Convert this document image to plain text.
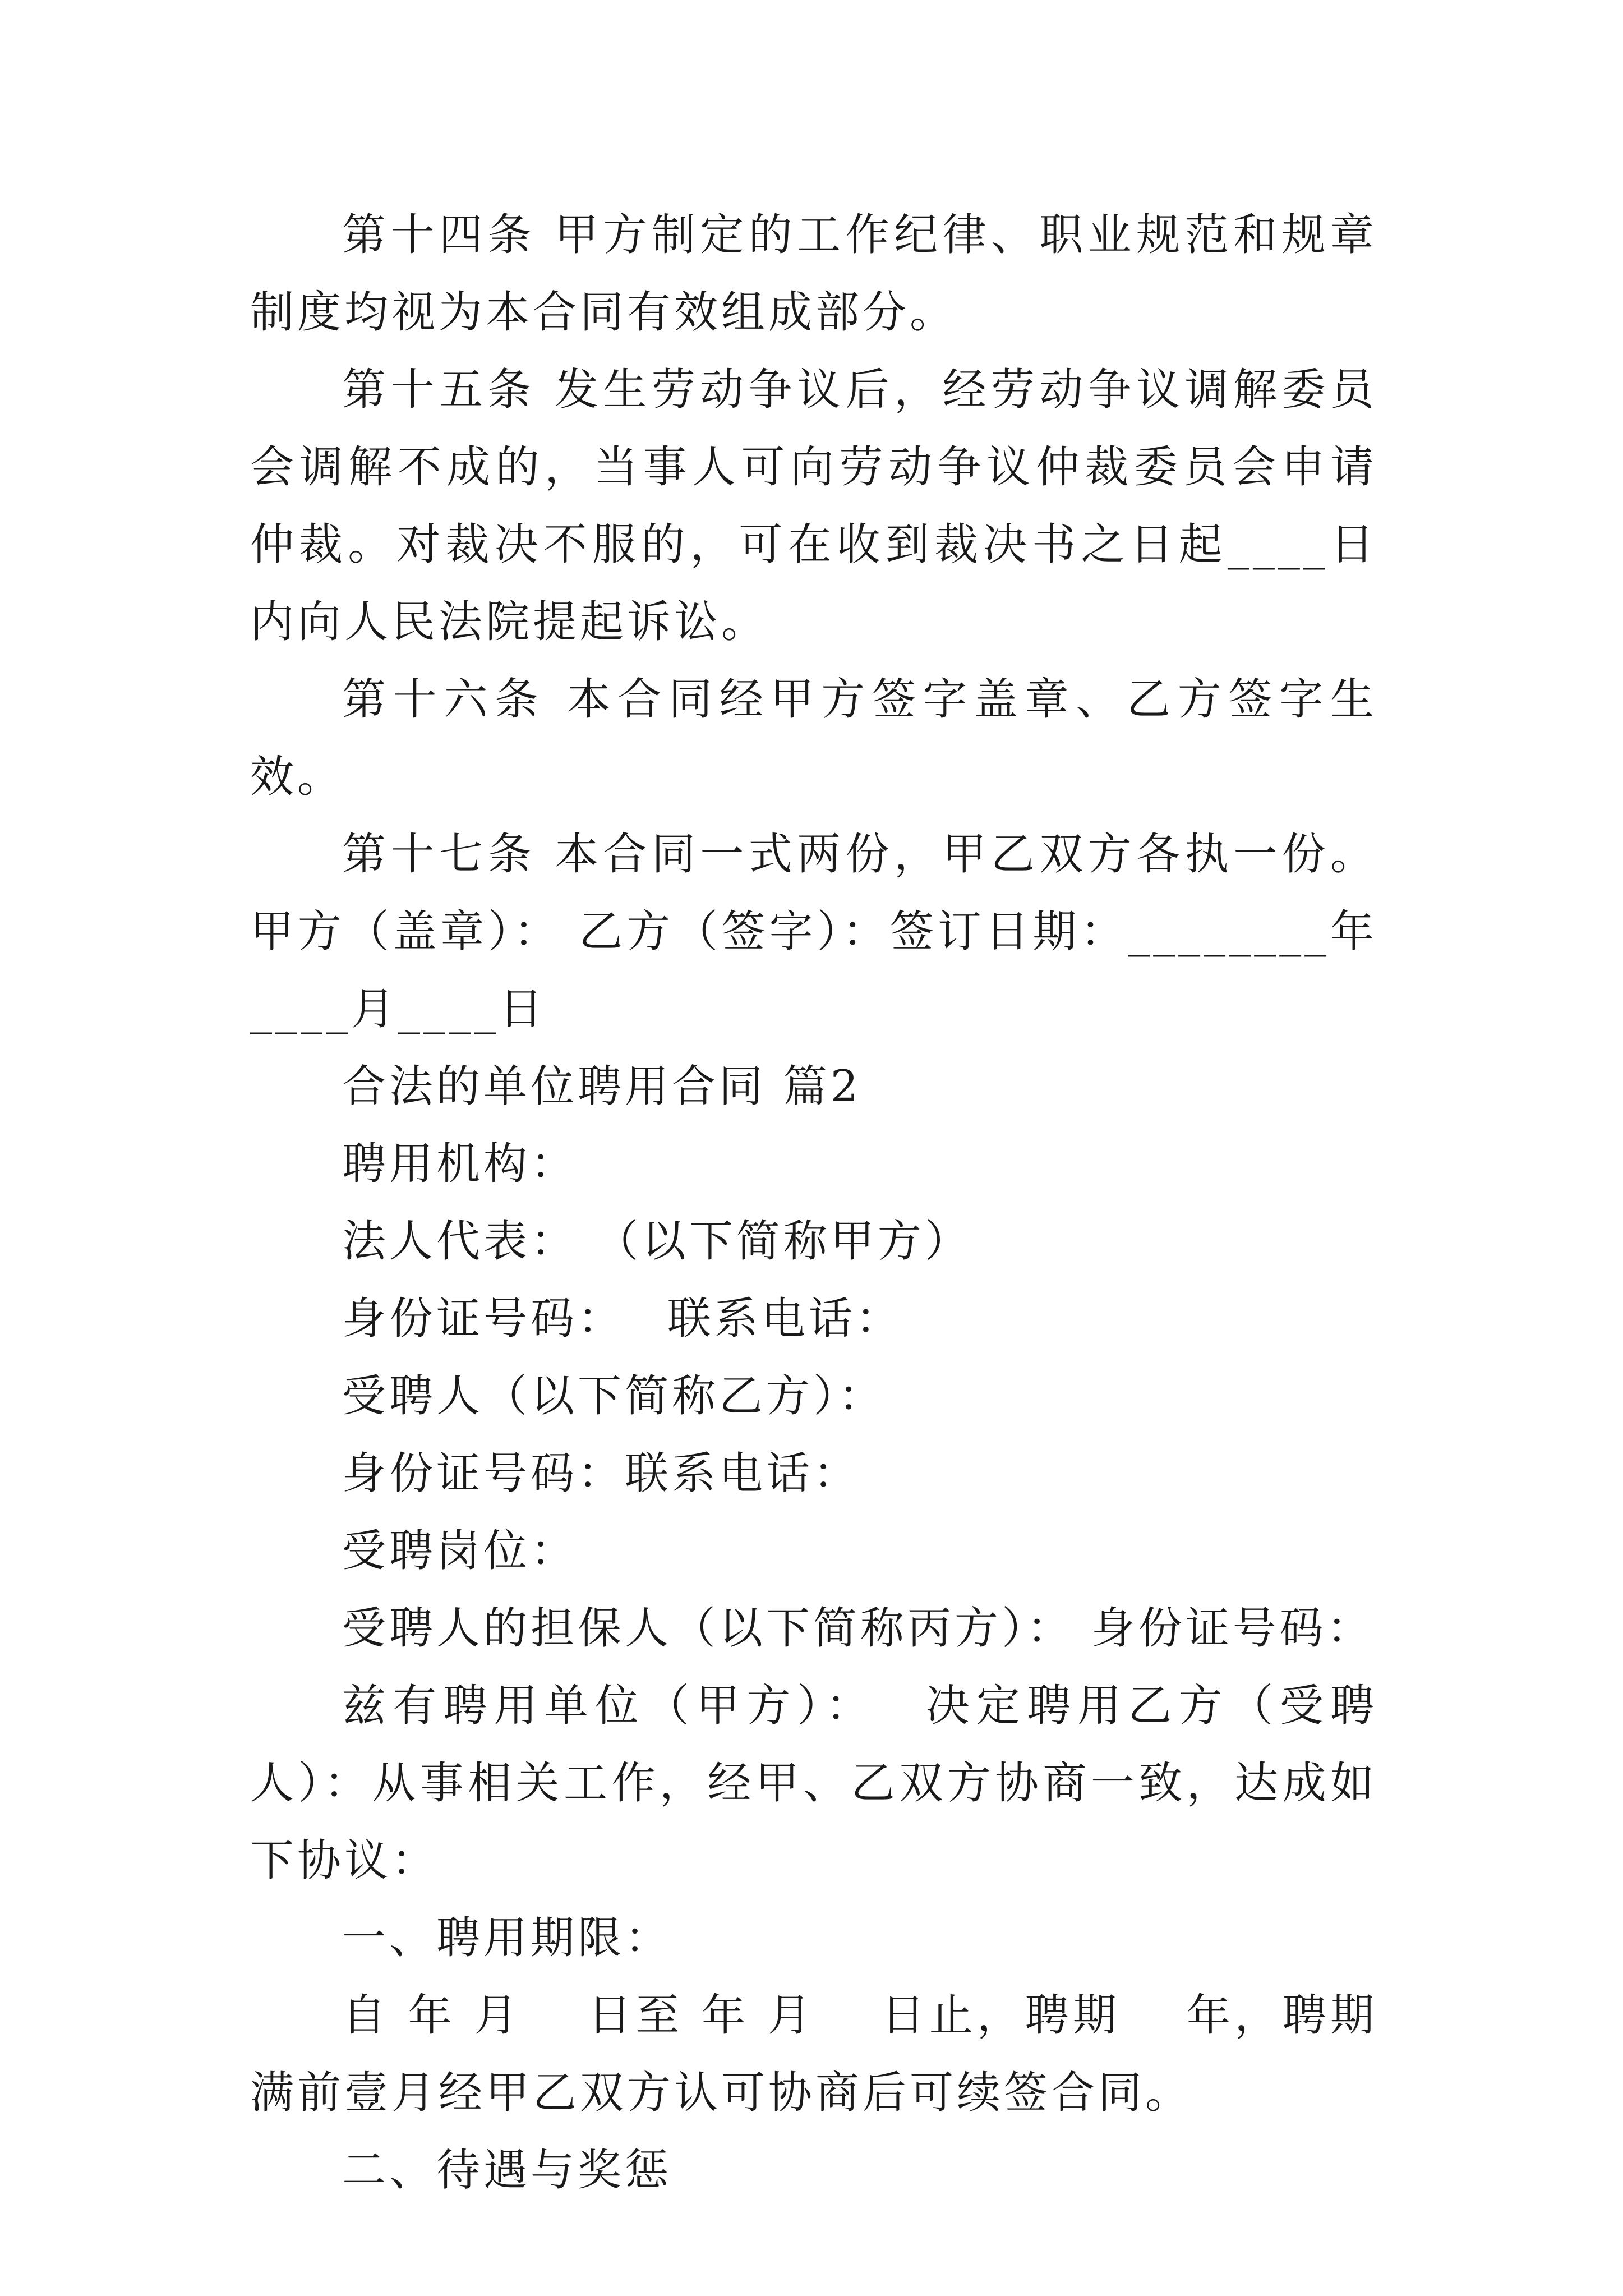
第十四条 甲方制定的工作纪律、职业规范和规章制度均视为本合同有效组成部分。

第十五条 发生劳动争议后，经劳动争议调解委员会调解不成的，当事人可向劳动争议仲裁委员会申请仲裁。对裁决不服的，可在收到裁决书之日起____日内向人民法院提起诉讼。

第十六条 本合同经甲方签字盖章、乙方签字生效。

第十七条 本合同一式两份，甲乙双方各执一份。甲方（盖章）： 乙方（签字）：签订日期：________年____月____日

合法的单位聘用合同 篇2

聘用机构：

法人代表： （以下简称甲方）

身份证号码：　 联系电话：

受聘人（以下简称乙方）：

身份证号码：联系电话：

受聘岗位：

受聘人的担保人（以下简称丙方）： 身份证号码：

兹有聘用单位（甲方）：　 决定聘用乙方（受聘人）：从事相关工作，经甲、乙双方协商一致，达成如下协议：

一、聘用期限：

自 年 月　 日至 年 月　 日止，聘期　 年，聘期满前壹月经甲乙双方认可协商后可续签合同。

二、待遇与奖惩
